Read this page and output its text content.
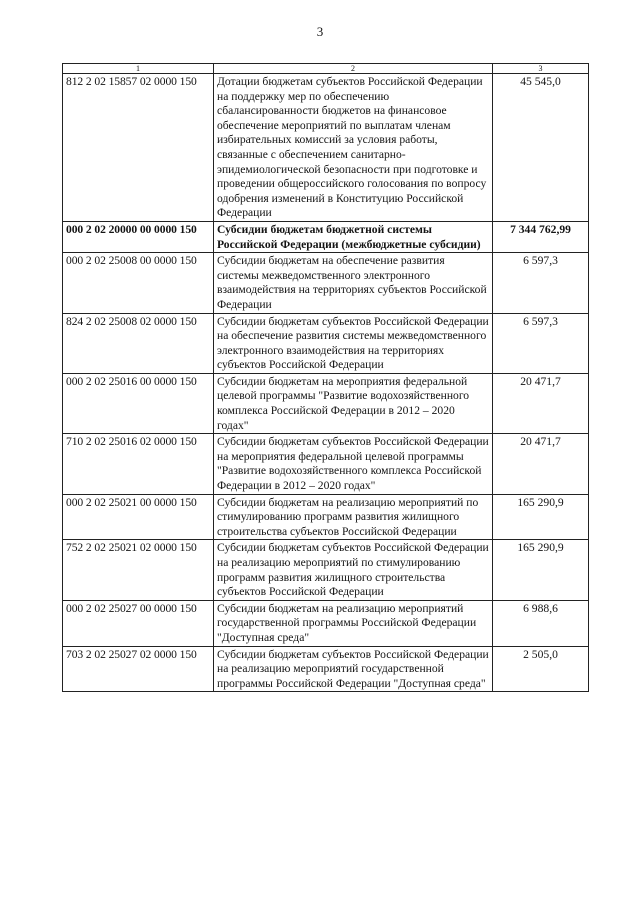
3
1	2	3
812 2 02 15857 02 0000 150	Дотации бюджетам субъектов Российской Федерации на поддержку мер по обеспечению сбалансированности бюджетов на финансовое обеспечение мероприятий по выплатам членам избирательных комиссий за условия работы, связанные с обеспечением санитарно-эпидемиологической безопасности при подготовке и проведении общероссийского голосования по вопросу одобрения изменений в Конституцию Российской Федерации	45 545,0
000 2 02 20000 00 0000 150	Субсидии бюджетам бюджетной системы Российской Федерации (межбюджетные субсидии)	7 344 762,99
000 2 02 25008 00 0000 150	Субсидии бюджетам на обеспечение развития системы межведомственного электронного взаимодействия на территориях субъектов Российской Федерации	6 597,3
824 2 02 25008 02 0000 150	Субсидии бюджетам субъектов Российской Федерации на обеспечение развития системы межведомственного электронного взаимодействия на территориях субъектов Российской Федерации	6 597,3
000 2 02 25016 00 0000 150	Субсидии бюджетам на мероприятия федеральной целевой программы "Развитие водохозяйственного комплекса Российской Федерации в 2012 – 2020 годах"	20 471,7
710 2 02 25016 02 0000 150	Субсидии бюджетам субъектов Российской Федерации на мероприятия федеральной целевой программы "Развитие водохозяйственного комплекса Российской Федерации в 2012 – 2020 годах"	20 471,7
000 2 02 25021 00 0000 150	Субсидии бюджетам на реализацию мероприятий по стимулированию программ развития жилищного строительства субъектов Российской Федерации	165 290,9
752 2 02 25021 02 0000 150	Субсидии бюджетам субъектов Российской Федерации на реализацию мероприятий по стимулированию программ развития жилищного строительства субъектов Российской Федерации	165 290,9
000 2 02 25027 00 0000 150	Субсидии бюджетам на реализацию мероприятий государственной программы Российской Федерации "Доступная среда"	6 988,6
703 2 02 25027 02 0000 150	Субсидии бюджетам субъектов Российской Федерации на реализацию мероприятий государственной программы Российской Федерации "Доступная среда"	2 505,0
